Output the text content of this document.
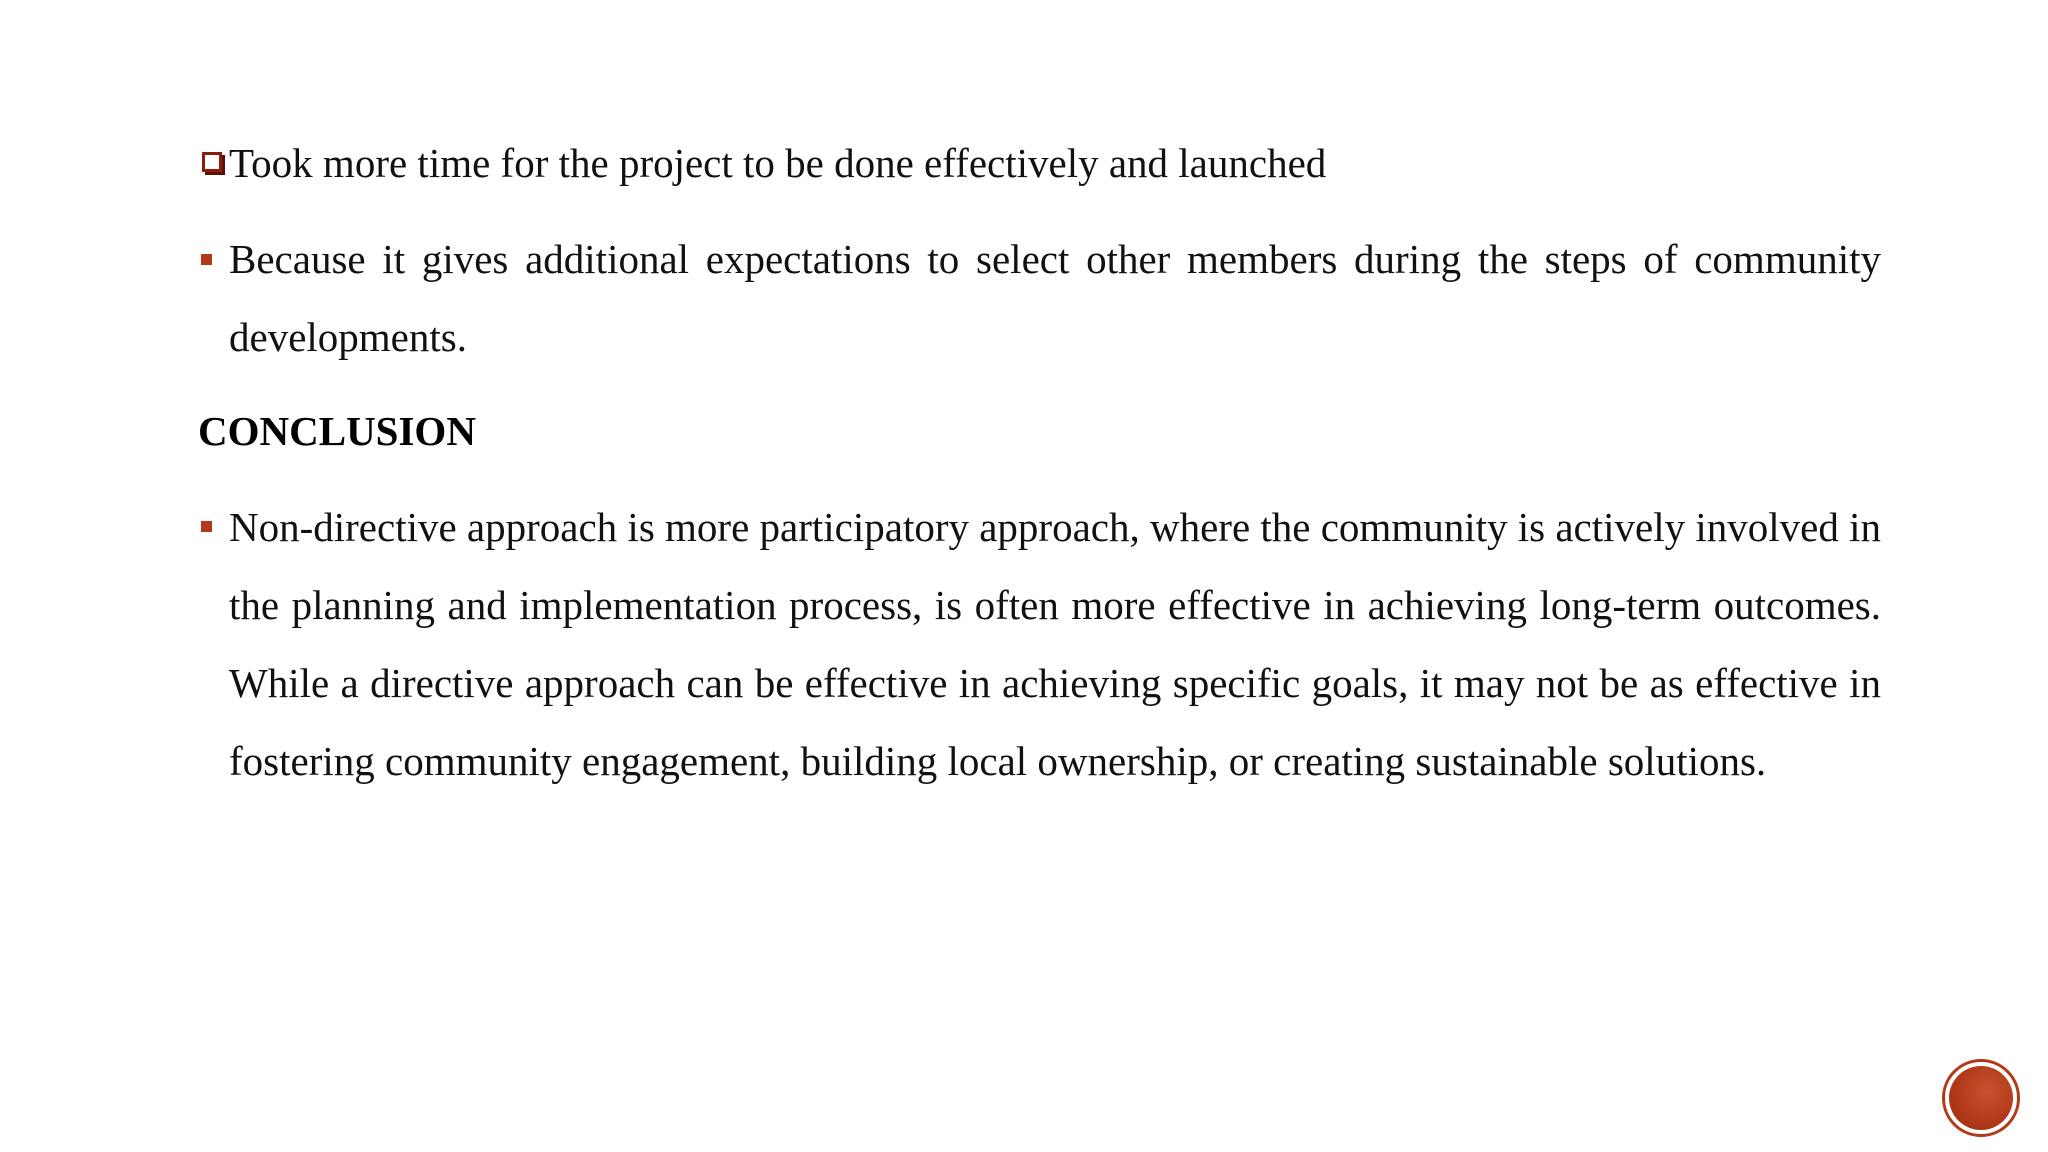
Took more time for the project to be done effectively and launched
Because it gives additional expectations to select other members during the steps of community developments.
CONCLUSION
Non-directive approach is more participatory approach, where the community is actively involved in the planning and implementation process, is often more effective in achieving long-term outcomes. While a directive approach can be effective in achieving specific goals, it may not be as effective in fostering community engagement, building local ownership, or creating sustainable solutions.
